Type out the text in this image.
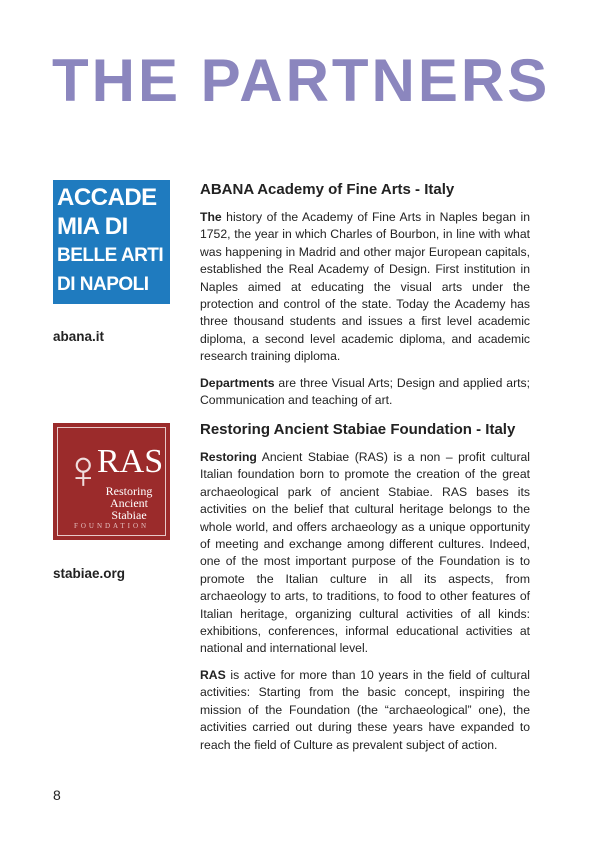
THE PARTNERS
ACCADE
MIA DI
BELLE ARTI
DI NAPOLI
abana.it
ABANA Academy of Fine Arts - Italy

The history of the Academy of Fine Arts in Naples began in 1752, the year in which Charles of Bourbon, in line with what was happening in Madrid and other major European capitals, established the Real Academy of Design. First institution in Naples aimed at educating the visual arts under the protection and control of the state. Today the Academy has three thousand students and issues a first level academic diploma, a second level academic diploma, and academic research training diploma.

Departments are three Visual Arts; Design and applied arts; Communication and teaching of art.

♀
RAS
Restoring
Ancient
Stabiae
FOUNDATION
stabiae.org
Restoring Ancient Stabiae Foundation - Italy

Restoring Ancient Stabiae (RAS) is a non – profit cultural Italian foundation born to promote the creation of the great archaeological park of ancient Stabiae. RAS bases its activities on the belief that cultural heritage belongs to the whole world, and offers archaeology as a unique opportunity of meeting and exchange among different cultures. Indeed, one of the most important purpose of the Foundation is to promote the Italian culture in all its aspects, from archaeology to arts, to traditions, to food to other features of Italian heritage, organizing cultural activities of all kinds: exhibitions, conferences, informal educational activities at national and international level.

RAS is active for more than 10 years in the field of cultural activities: Starting from the basic concept, inspiring the mission of the Foundation (the “archaeological” one), the activities carried out during these years have expanded to reach the field of Culture as prevalent subject of action.

8
